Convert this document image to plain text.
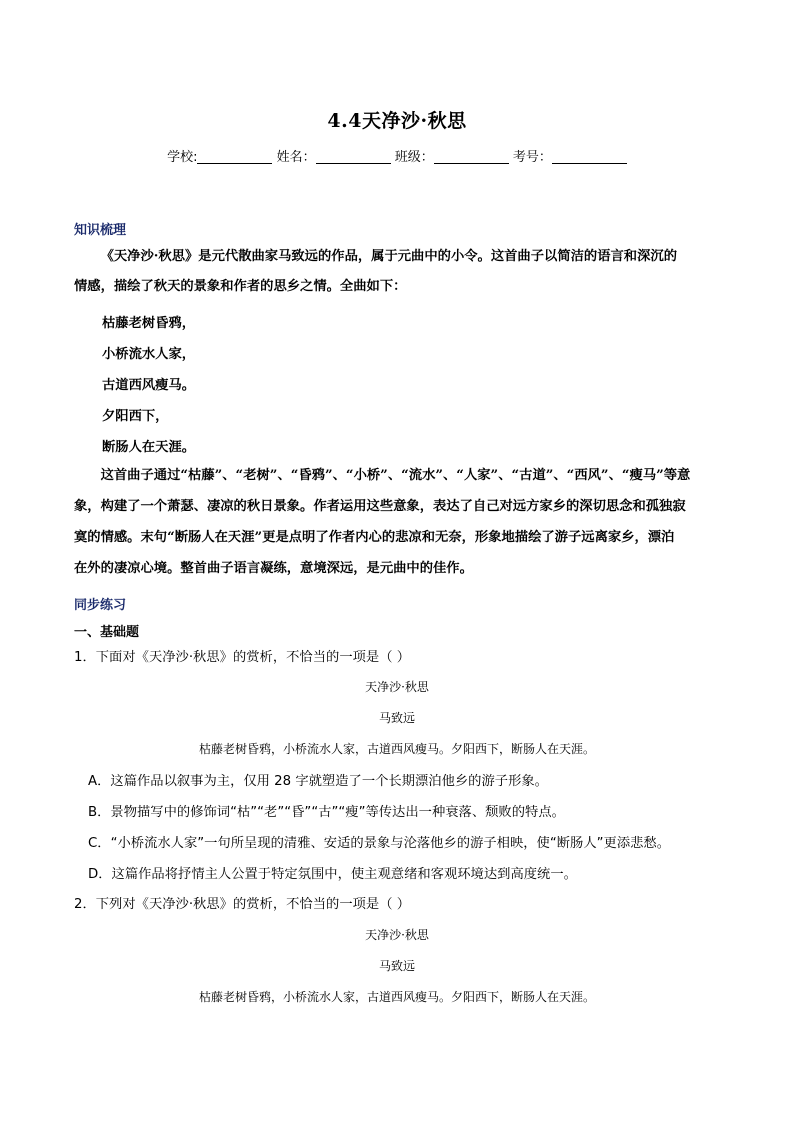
4.4天净沙·秋思
学校:	姓名：	班级：	考号：
知识梳理
《天净沙·秋思》是元代散曲家马致远的作品，属于元曲中的小令。这首曲子以简洁的语言和深沉的
情感，描绘了秋天的景象和作者的思乡之情。全曲如下：
枯藤老树昏鸦，
小桥流水人家，
古道西风瘦马。
夕阳西下，
断肠人在天涯。
这首曲子通过“枯藤”、“老树”、“昏鸦”、“小桥”、“流水”、“人家”、“古道”、“西风”、“瘦马”等意
象，构建了一个萧瑟、凄凉的秋日景象。作者运用这些意象，表达了自己对远方家乡的深切思念和孤独寂
寞的情感。末句“断肠人在天涯”更是点明了作者内心的悲凉和无奈，形象地描绘了游子远离家乡，漂泊
在外的凄凉心境。整首曲子语言凝练，意境深远，是元曲中的佳作。
同步练习
一、基础题
1．下面对《天净沙·秋思》的赏析，不恰当的一项是（ ）
天净沙·秋思
马致远
枯藤老树昏鸦，小桥流水人家，古道西风瘦马。夕阳西下，断肠人在天涯。
A．这篇作品以叙事为主，仅用 28 字就塑造了一个长期漂泊他乡的游子形象。
B．景物描写中的修饰词“枯”“老”“昏”“古”“瘦”等传达出一种衰落、颓败的特点。
C．“小桥流水人家”一句所呈现的清雅、安适的景象与沦落他乡的游子相映，使“断肠人”更添悲愁。
D．这篇作品将抒情主人公置于特定氛围中，使主观意绪和客观环境达到高度统一。
2．下列对《天净沙·秋思》的赏析，不恰当的一项是（ ）
天净沙·秋思
马致远
枯藤老树昏鸦，小桥流水人家，古道西风瘦马。夕阳西下，断肠人在天涯。
